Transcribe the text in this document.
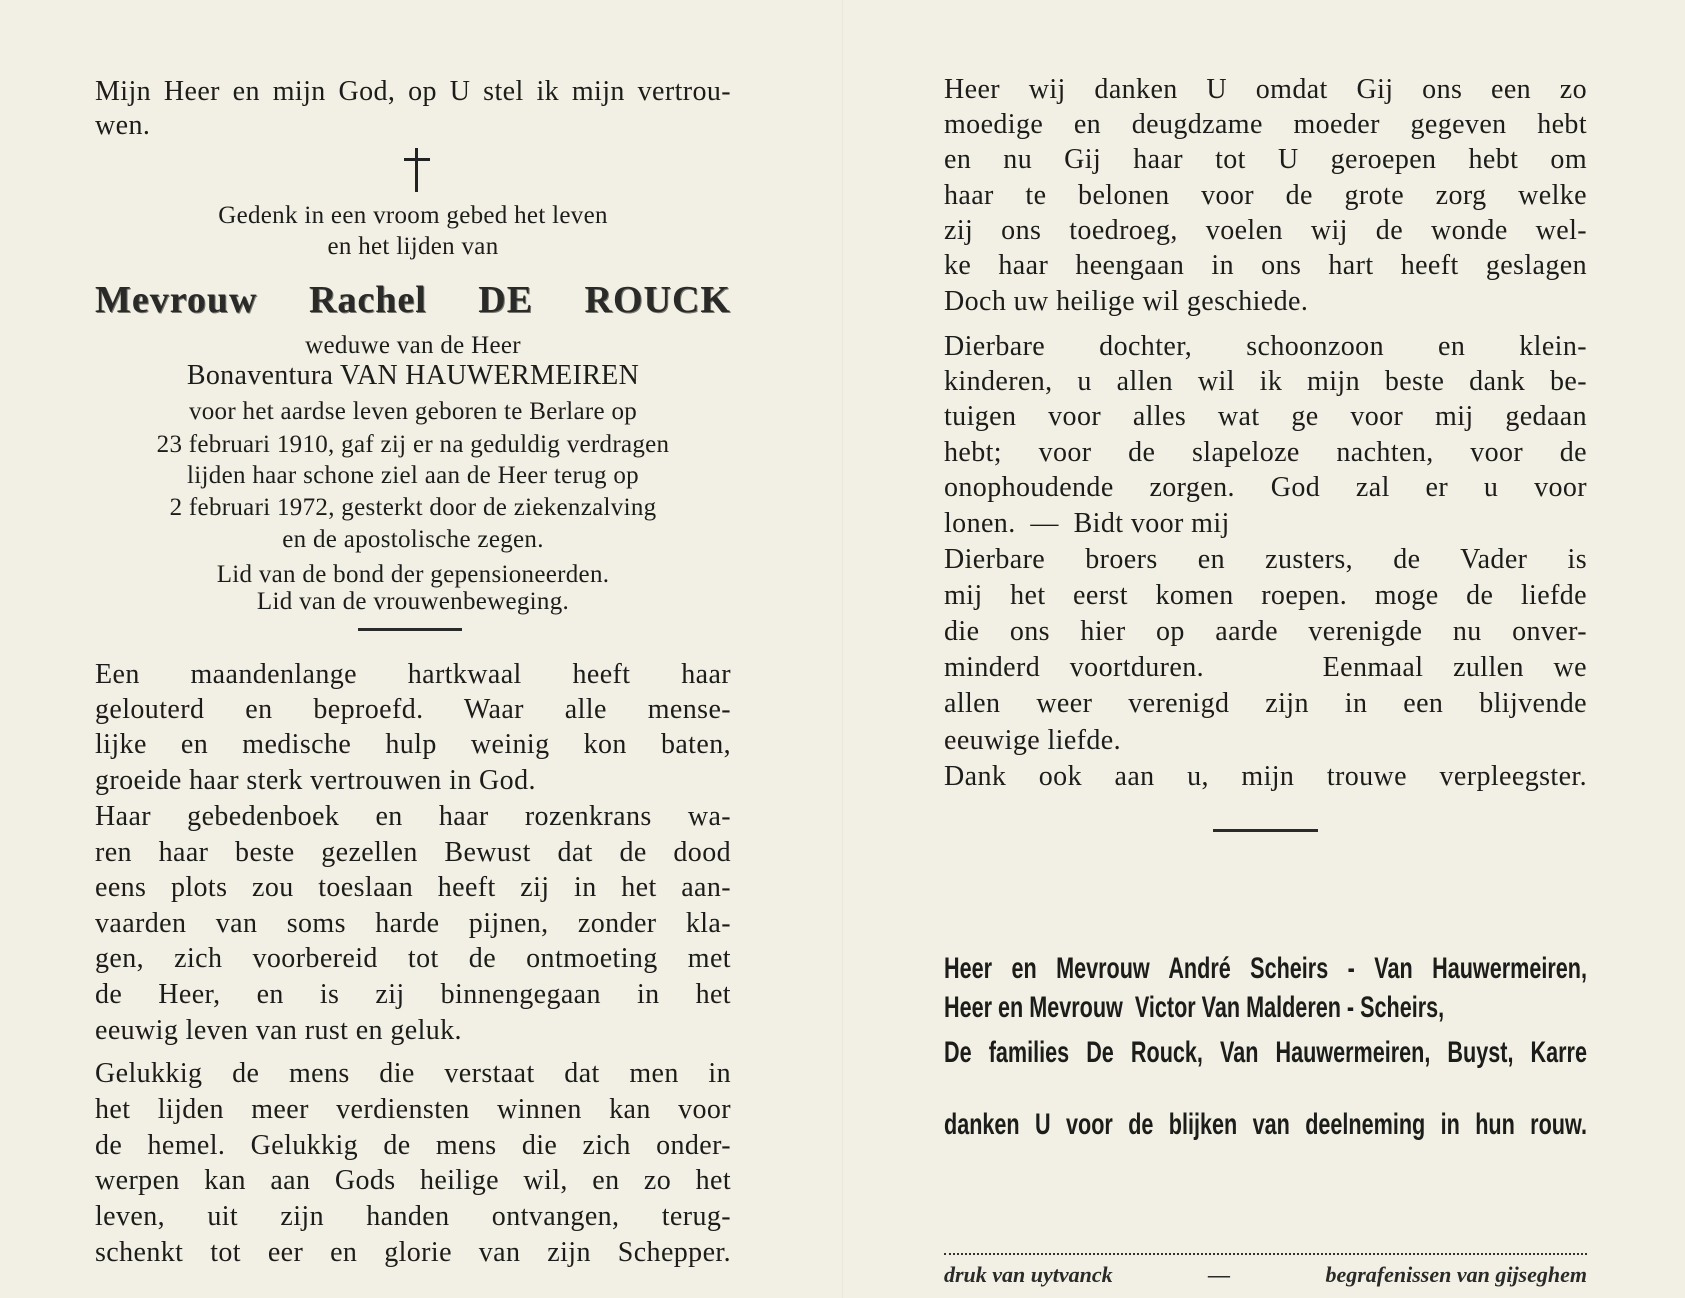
Mijn Heer en mijn God, op U stel ik mijn vertrou-
wen.
Gedenk in een vroom gebed het leven
en het lijden van
Mevrouw Rachel DE ROUCK
weduwe van de Heer
Bonaventura VAN HAUWERMEIREN
voor het aardse leven geboren te Berlare op
23 februari 1910, gaf zij er na geduldig verdragen
lijden haar schone ziel aan de Heer terug op
2 februari 1972, gesterkt door de ziekenzalving
en de apostolische zegen.
Lid van de bond der gepensioneerden.
Lid van de vrouwenbeweging.
Een maandenlange hartkwaal heeft haar
gelouterd en beproefd. Waar alle mense-
lijke en medische hulp weinig kon baten,
groeide haar sterk vertrouwen in God.
Haar gebedenboek en haar rozenkrans wa-
ren haar beste gezellen Bewust dat de dood
eens plots zou toeslaan heeft zij in het aan-
vaarden van soms harde pijnen, zonder kla-
gen, zich voorbereid tot de ontmoeting met
de Heer, en is zij binnengegaan in het
eeuwig leven van rust en geluk.
Gelukkig de mens die verstaat dat men in
het lijden meer verdiensten winnen kan voor
de hemel. Gelukkig de mens die zich onder-
werpen kan aan Gods heilige wil, en zo het
leven, uit zijn handen ontvangen, terug-
schenkt tot eer en glorie van zijn Schepper.
Heer wij danken U omdat Gij ons een zo
moedige en deugdzame moeder gegeven hebt
en nu Gij haar tot U geroepen hebt om
haar te belonen voor de grote zorg welke
zij ons toedroeg, voelen wij de wonde wel-
ke haar heengaan in ons hart heeft geslagen
Doch uw heilige wil geschiede.
Dierbare dochter, schoonzoon en klein-
kinderen, u allen wil ik mijn beste dank be-
tuigen voor alles wat ge voor mij gedaan
hebt; voor de slapeloze nachten, voor de
onophoudende zorgen. God zal er u voor
lonen.  —  Bidt voor mij
Dierbare broers en zusters, de Vader is
mij het eerst komen roepen. moge de liefde
die ons hier op aarde verenigde nu onver-
minderd voortduren.    Eenmaal zullen we
allen weer verenigd zijn in een blijvende
eeuwige liefde.
Dank ook aan u, mijn trouwe verpleegster.
Heer en Mevrouw André Scheirs - Van Hauwermeiren,
Heer en Mevrouw  Victor Van Malderen - Scheirs,
De families De Rouck, Van Hauwermeiren, Buyst, Karre
danken U voor de blijken van deelneming in hun rouw.
druk van uytvanck	—	begrafenissen van gijseghem
